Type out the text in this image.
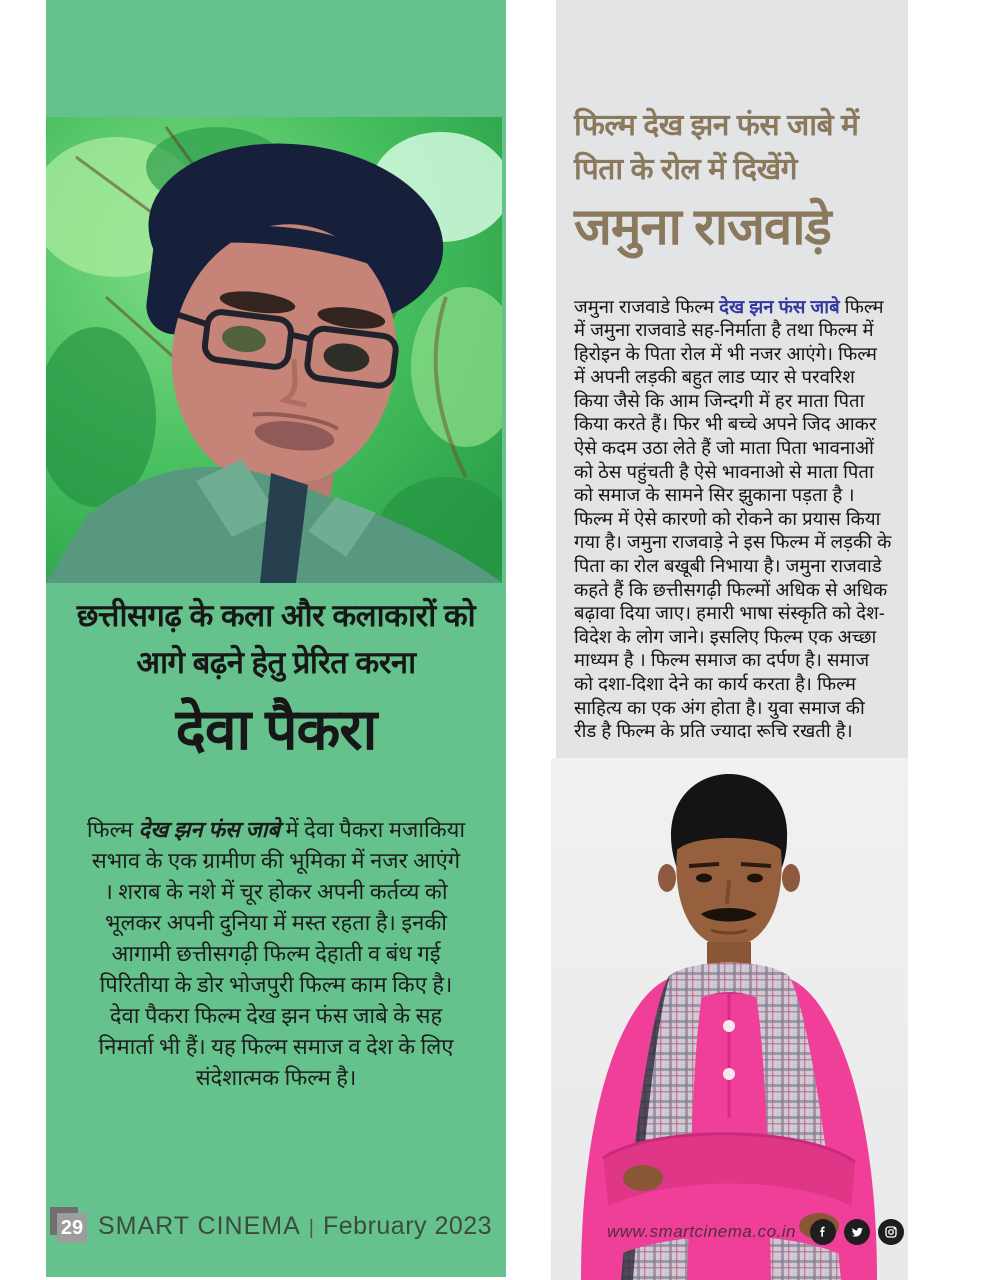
छत्तीसगढ़ के कला और कलाकारों को
आगे बढ़ने हेतु प्रेरित करना
देवा पैकरा

फिल्म देख झन फंस जाबे में देवा पैकरा मजाकिया सभाव के एक ग्रामीण की भूमिका में नजर आएंगे । शराब के नशे में चूर होकर अपनी कर्तव्य को भूलकर अपनी दुनिया में मस्त रहता है। इनकी आगामी छत्तीसगढ़ी फिल्म देहाती व बंध गई पिरितीया के डोर भोजपुरी फिल्म काम किए है। देवा पैकरा फिल्म देख झन फंस जाबे के सह निमार्ता भी हैं। यह फिल्म समाज व देश के लिए संदेशात्मक फिल्म है।

29 SMART CINEMA | February 2023
फिल्म देख झन फंस जाबे में
पिता के रोल में दिखेंगे
जमुना राजवाड़े

जमुना राजवाडे फिल्म देख झन फंस जाबे फिल्म में जमुना राजवाडे सह-निर्माता है तथा फिल्म में हिरोइन के पिता रोल में भी नजर आएंगे। फिल्म में अपनी लड़की बहुत लाड प्यार से परवरिश किया जैसे कि आम जिन्दगी में हर माता पिता किया करते हैं। फिर भी बच्चे अपने जिद आकर ऐसे कदम उठा लेते हैं जो माता पिता भावनाओं को ठेस पहुंचती है ऐसे भावनाओ से माता पिता को समाज के सामने सिर झुकाना पड़ता है । फिल्म में ऐसे कारणो को रोकने का प्रयास किया गया है। जमुना राजवाड़े ने इस फिल्म में लड़की के पिता का रोल बखूबी निभाया है। जमुना राजवाडे कहते हैं कि छत्तीसगढ़ी फिल्मों अधिक से अधिक बढ़ावा दिया जाए। हमारी भाषा संस्कृति को देश-विदेश के लोग जाने। इसलिए फिल्म एक अच्छा माध्यम है । फिल्म समाज का दर्पण है। समाज को दशा-दिशा देने का कार्य करता है। फिल्म साहित्य का एक अंग होता है। युवा समाज की रीड है फिल्म के प्रति ज्यादा रूचि रखती है।

www.smartcinema.co.in
